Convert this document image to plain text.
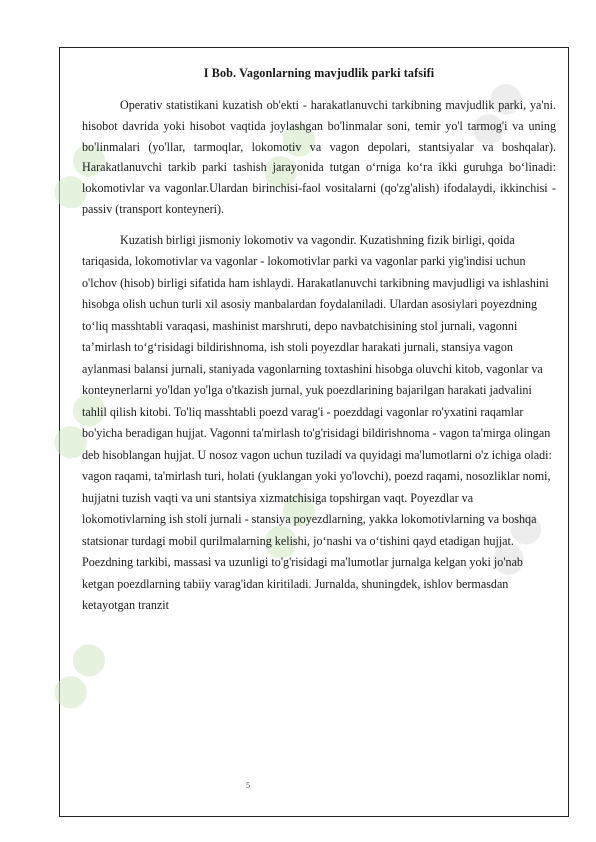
●●
●●
●●
●●
●●
●●
●●
I Bob. Vagonlarning mavjudlik parki tafsifi

Operativ statistikani kuzatish ob'ekti - harakatlanuvchi tarkibning mavjudlik parki, ya'ni. hisobot davrida yoki hisobot vaqtida joylashgan bo'linmalar soni, temir yo'l tarmog'i va uning bo'linmalari (yo'llar, tarmoqlar, lokomotiv va vagon depolari, stantsiyalar va boshqalar). Harakatlanuvchi tarkib parki tashish jarayonida tutgan o‘rniga ko‘ra ikki guruhga bo‘linadi: lokomotivlar va vagonlar.Ulardan birinchisi-faol vositalarni (qo'zg'alish) ifodalaydi, ikkinchisi - passiv (transport konteyneri).

Kuzatish birligi jismoniy lokomotiv va vagondir. Kuzatishning fizik birligi, qoida tariqasida, lokomotivlar va vagonlar - lokomotivlar parki va vagonlar parki yig'indisi uchun o'lchov (hisob) birligi sifatida ham ishlaydi. Harakatlanuvchi tarkibning mavjudligi va ishlashini hisobga olish uchun turli xil asosiy manbalardan foydalaniladi. Ulardan asosiylari poyezdning to‘liq masshtabli varaqasi, mashinist marshruti, depo navbatchisining stol jurnali, vagonni ta’mirlash to‘g‘risidagi bildirishnoma, ish stoli poyezdlar harakati jurnali, stansiya vagon aylanmasi balansi jurnali, staniyada vagonlarning toxtashini hisobga oluvchi kitob, vagonlar va konteynerlarni yo'ldan yo'lga o'tkazish jurnal, yuk poezdlarining bajarilgan harakati jadvalini tahlil qilish kitobi. To'liq masshtabli poezd varag'i - poezddagi vagonlar ro'yxatini raqamlar bo'yicha beradigan hujjat. Vagonni ta'mirlash to'g'risidagi bildirishnoma - vagon ta'mirga olingan deb hisoblangan hujjat. U nosoz vagon uchun tuziladi va quyidagi ma'lumotlarni o'z ichiga oladi: vagon raqami, ta'mirlash turi, holati (yuklangan yoki yo'lovchi), poezd raqami, nosozliklar nomi, hujjatni tuzish vaqti va uni stantsiya xizmatchisiga topshirgan vaqt. Poyezdlar va lokomotivlarning ish stoli jurnali - stansiya poyezdlarning, yakka lokomotivlarning va boshqa statsionar turdagi mobil qurilmalarning kelishi, jo‘nashi va o‘tishini qayd etadigan hujjat. Poezdning tarkibi, massasi va uzunligi to'g'risidagi ma'lumotlar jurnalga kelgan yoki jo'nab ketgan poezdlarning tabiiy varag'idan kiritiladi. Jurnalda, shuningdek, ishlov bermasdan ketayotgan tranzit

5
